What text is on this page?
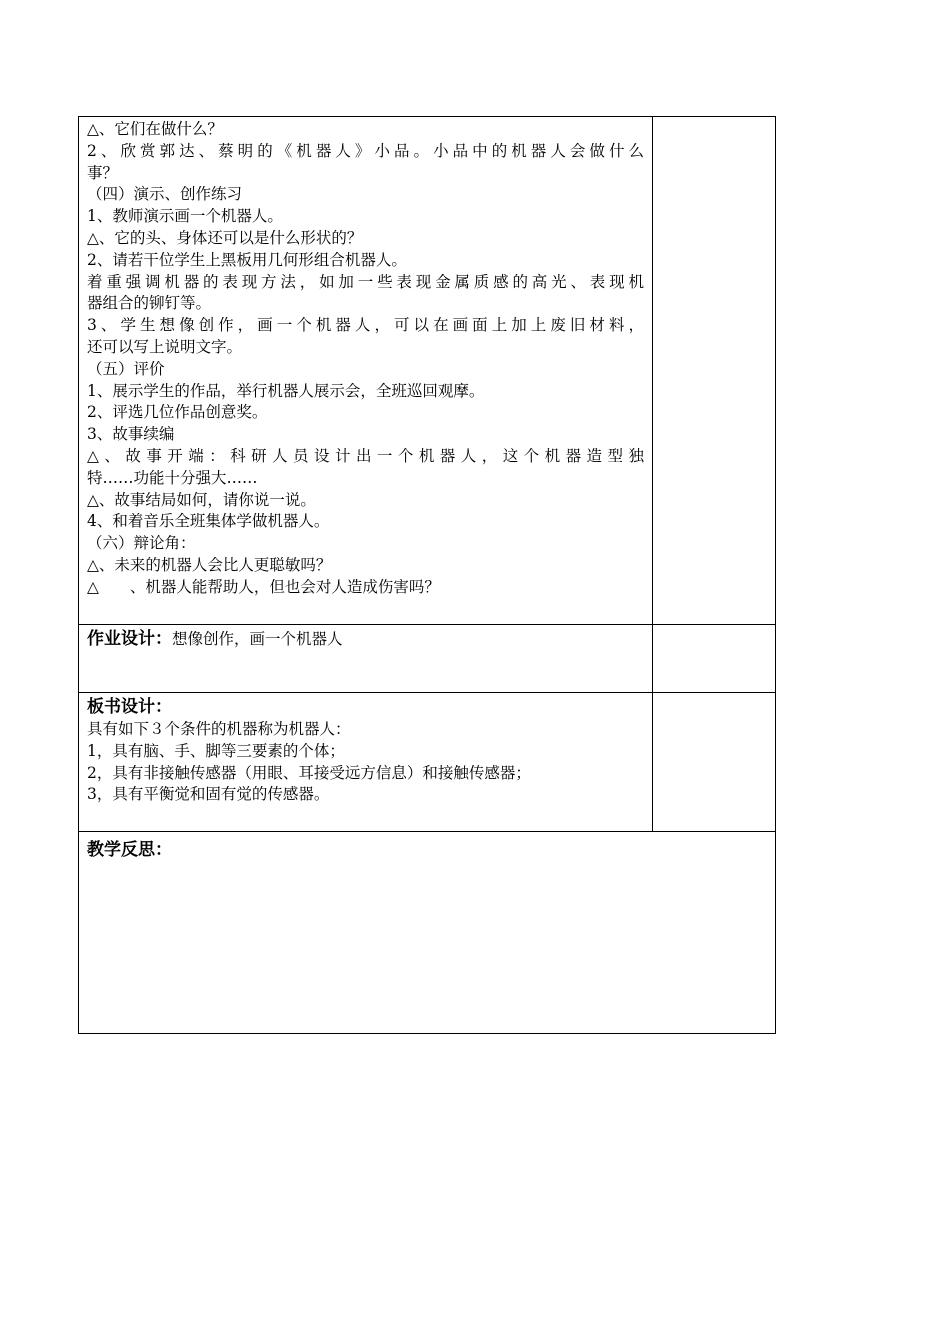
△、它们在做什么？
2、欣赏郭达、蔡明的《机器人》小品。小品中的机器人会做什么
事？
（四）演示、创作练习
1、教师演示画一个机器人。
△、它的头、身体还可以是什么形状的？
2、请若干位学生上黑板用几何形组合机器人。
着重强调机器的表现方法，如加一些表现金属质感的高光、表现机
器组合的铆钉等。
3、学生想像创作，画一个机器人，可以在画面上加上废旧材料，
还可以写上说明文字。
（五）评价
1、展示学生的作品，举行机器人展示会，全班巡回观摩。
2、评选几位作品创意奖。
3、故事续编
△、故事开端：科研人员设计出一个机器人，这个机器造型独
特……功能十分强大……
△、故事结局如何，请你说一说。
4、和着音乐全班集体学做机器人。
（六）辩论角：
△、未来的机器人会比人更聪敏吗？
△　　、机器人能帮助人，但也会对人造成伤害吗？
作业设计：想像创作，画一个机器人
板书设计：
具有如下３个条件的机器称为机器人：
1，具有脑、手、脚等三要素的个体；
2，具有非接触传感器（用眼、耳接受远方信息）和接触传感器；
3，具有平衡觉和固有觉的传感器。
教学反思：
